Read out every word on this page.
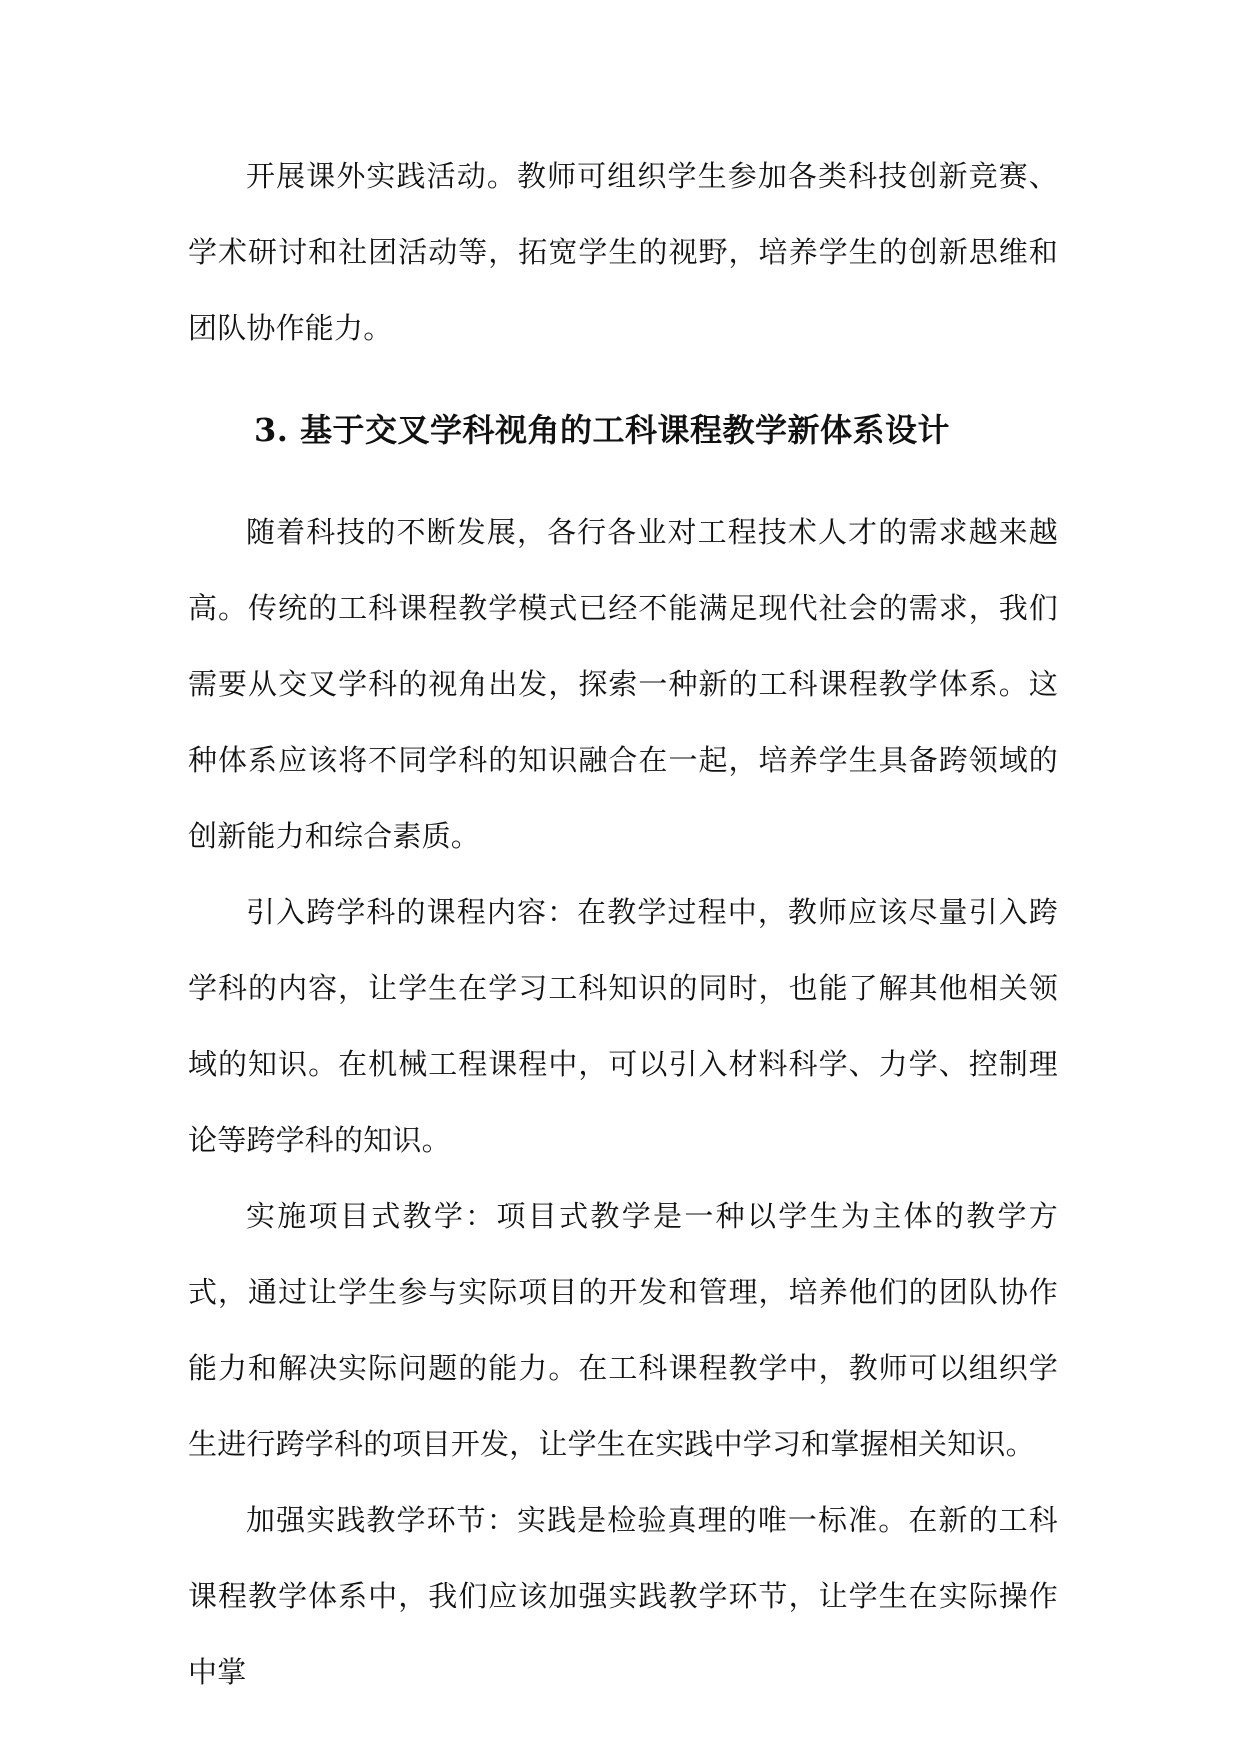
开展课外实践活动。教师可组织学生参加各类科技创新竞赛、学术研讨和社团活动等，拓宽学生的视野，培养学生的创新思维和团队协作能力。

3. 基于交叉学科视角的工科课程教学新体系设计

随着科技的不断发展，各行各业对工程技术人才的需求越来越高。传统的工科课程教学模式已经不能满足现代社会的需求，我们需要从交叉学科的视角出发，探索一种新的工科课程教学体系。这种体系应该将不同学科的知识融合在一起，培养学生具备跨领域的创新能力和综合素质。

引入跨学科的课程内容：在教学过程中，教师应该尽量引入跨学科的内容，让学生在学习工科知识的同时，也能了解其他相关领域的知识。在机械工程课程中，可以引入材料科学、力学、控制理论等跨学科的知识。

实施项目式教学：项目式教学是一种以学生为主体的教学方式，通过让学生参与实际项目的开发和管理，培养他们的团队协作能力和解决实际问题的能力。在工科课程教学中，教师可以组织学生进行跨学科的项目开发，让学生在实践中学习和掌握相关知识。

加强实践教学环节：实践是检验真理的唯一标准。在新的工科课程教学体系中，我们应该加强实践教学环节，让学生在实际操作中掌
